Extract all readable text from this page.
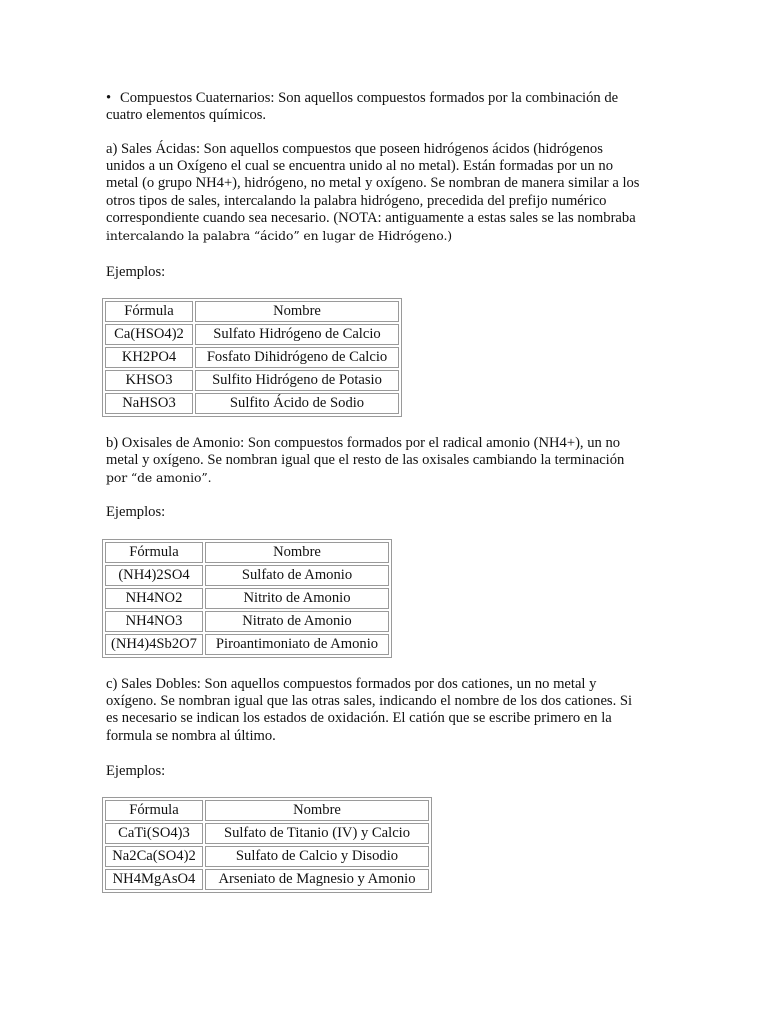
• Compuestos Cuaternarios: Son aquellos compuestos formados por la combinación de
cuatro elementos químicos.

a) Sales Ácidas: Son aquellos compuestos que poseen hidrógenos ácidos (hidrógenos
unidos a un Oxígeno el cual se encuentra unido al no metal). Están formadas por un no
metal (o grupo NH4+), hidrógeno, no metal y oxígeno. Se nombran de manera similar a los
otros tipos de sales, intercalando la palabra hidrógeno, precedida del prefijo numérico
correspondiente cuando sea necesario. (NOTA: antiguamente a estas sales se las nombraba
intercalando la palabra “ácido” en lugar de Hidrógeno.)

Ejemplos:

Fórmula	Nombre
Ca(HSO4)2	Sulfato Hidrógeno de Calcio
KH2PO4	Fosfato Dihidrógeno de Calcio
KHSO3	Sulfito Hidrógeno de Potasio
NaHSO3	Sulfito Ácido de Sodio

b) Oxisales de Amonio: Son compuestos formados por el radical amonio (NH4+), un no
metal y oxígeno. Se nombran igual que el resto de las oxisales cambiando la terminación
por “de amonio”.

Ejemplos:

Fórmula	Nombre
(NH4)2SO4	Sulfato de Amonio
NH4NO2	Nitrito de Amonio
NH4NO3	Nitrato de Amonio
(NH4)4Sb2O7	Piroantimoniato de Amonio

c) Sales Dobles: Son aquellos compuestos formados por dos cationes, un no metal y
oxígeno. Se nombran igual que las otras sales, indicando el nombre de los dos cationes. Si
es necesario se indican los estados de oxidación. El catión que se escribe primero en la
formula se nombra al último.

Ejemplos:

Fórmula	Nombre
CaTi(SO4)3	Sulfato de Titanio (IV) y Calcio
Na2Ca(SO4)2	Sulfato de Calcio y Disodio
NH4MgAsO4	Arseniato de Magnesio y Amonio
